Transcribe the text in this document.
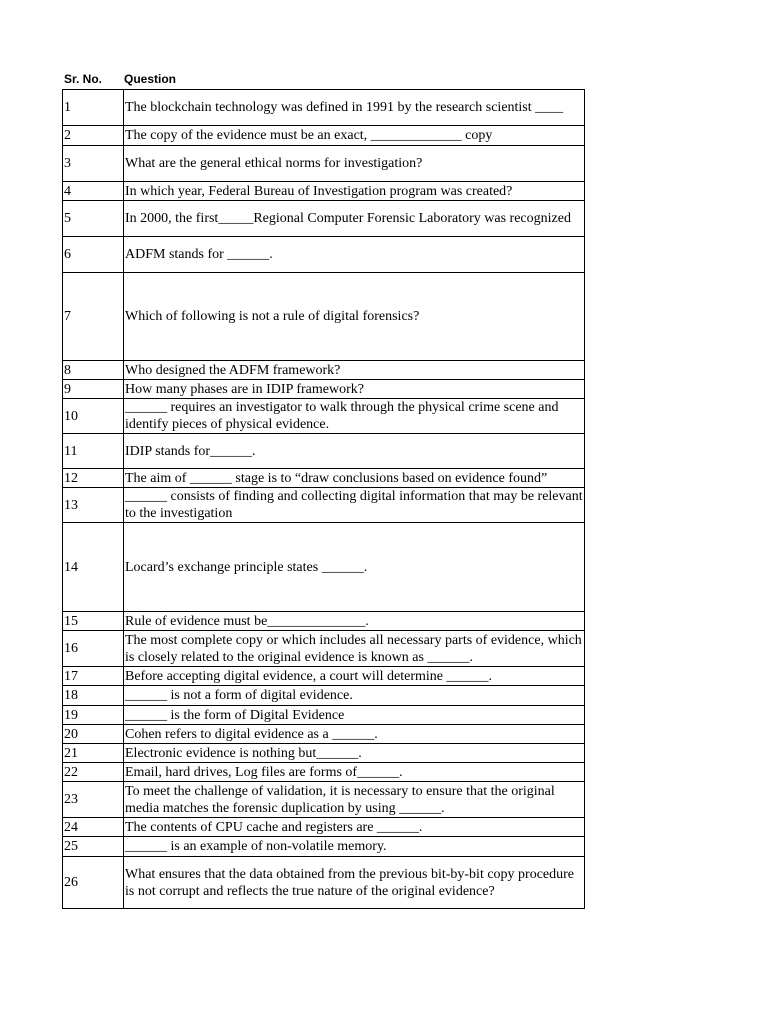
Sr. No. Question
1	The blockchain technology was defined in 1991 by the research scientist ____
2	The copy of the evidence must be an exact, _____________ copy
3	What are the general ethical norms for investigation?
4	In which year, Federal Bureau of Investigation program was created?
5	In 2000, the first_____Regional Computer Forensic Laboratory was recognized
6	ADFM stands for ______.
7	Which of following is not a rule of digital forensics?
8	Who designed the ADFM framework?
9	How many phases are in IDIP framework?
10	______ requires an investigator to walk through the physical crime scene and identify pieces of physical evidence.
11	IDIP stands for______.
12	The aim of ______ stage is to “draw conclusions based on evidence found”
13	______ consists of finding and collecting digital information that may be relevant to the investigation
14	Locard’s exchange principle states ______.
15	Rule of evidence must be______________.
16	The most complete copy or which includes all necessary parts of evidence, which is closely related to the original evidence is known as ______.
17	Before accepting digital evidence, a court will determine ______.
18	______ is not a form of digital evidence.
19	______ is the form of Digital Evidence
20	Cohen refers to digital evidence as a ______.
21	Electronic evidence is nothing but______.
22	Email, hard drives, Log files are forms of______.
23	To meet the challenge of validation, it is necessary to ensure that the original media matches the forensic duplication by using ______.
24	The contents of CPU cache and registers are ______.
25	______ is an example of non-volatile memory.
26	What ensures that the data obtained from the previous bit-by-bit copy procedure is not corrupt and reflects the true nature of the original evidence?
